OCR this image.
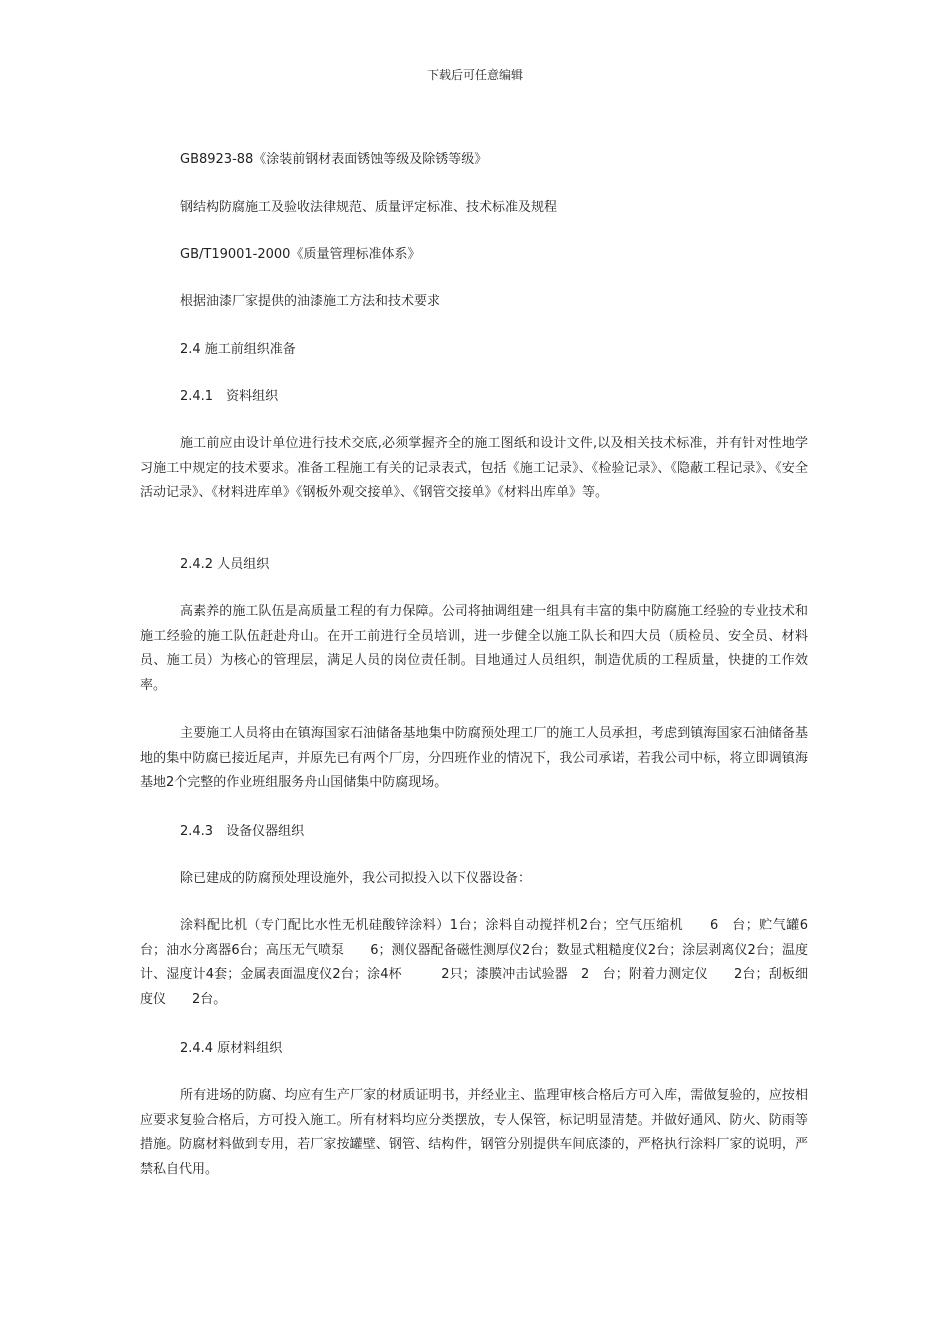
下载后可任意编辑

GB8923-88《涂装前钢材表面锈蚀等级及除锈等级》

钢结构防腐施工及验收法律规范、质量评定标准、技术标准及规程

GB/T19001-2000《质量管理标准体系》

根据油漆厂家提供的油漆施工方法和技术要求

2.4 施工前组织准备

2.4.1　资料组织

施工前应由设计单位进行技术交底,必须掌握齐全的施工图纸和设计文件,以及相关技术标准，并有针对性地学习施工中规定的技术要求。准备工程施工有关的记录表式，包括《施工记录》、《检验记录》、《隐蔽工程记录》、《安全活动记录》、《材料进库单》《钢板外观交接单》、《钢管交接单》《材料出库单》等。

2.4.2 人员组织

高素养的施工队伍是高质量工程的有力保障。公司将抽调组建一组具有丰富的集中防腐施工经验的专业技术和施工经验的施工队伍赶赴舟山。在开工前进行全员培训，进一步健全以施工队长和四大员（质检员、安全员、材料员、施工员）为核心的管理层，满足人员的岗位责任制。目地通过人员组织，制造优质的工程质量，快捷的工作效率。

主要施工人员将由在镇海国家石油储备基地集中防腐预处理工厂的施工人员承担，考虑到镇海国家石油储备基地的集中防腐已接近尾声，并原先已有两个厂房，分四班作业的情况下，我公司承诺，若我公司中标，将立即调镇海基地2个完整的作业班组服务舟山国储集中防腐现场。

2.4.3　设备仪器组织

除已建成的防腐预处理设施外，我公司拟投入以下仪器设备：

涂料配比机（专门配比水性无机硅酸锌涂料）1台；涂料自动搅拌机2台；空气压缩机　　6　台；贮气罐6台；油水分离器6台；高压无气喷泵　　6；测仪器配备磁性测厚仪2台；数显式粗糙度仪2台；涂层剥离仪2台；温度计、湿度计4套；金属表面温度仪2台；涂4杯　　　2只；漆膜冲击试验器　2　台；附着力测定仪　　2台；刮板细度仪　　2台。

2.4.4 原材料组织

所有进场的防腐、均应有生产厂家的材质证明书，并经业主、监理审核合格后方可入库，需做复验的，应按相应要求复验合格后，方可投入施工。所有材料均应分类摆放，专人保管，标记明显清楚。并做好通风、防火、防雨等措施。防腐材料做到专用，若厂家按罐壁、钢管、结构件，钢管分别提供车间底漆的，严格执行涂料厂家的说明，严禁私自代用。
